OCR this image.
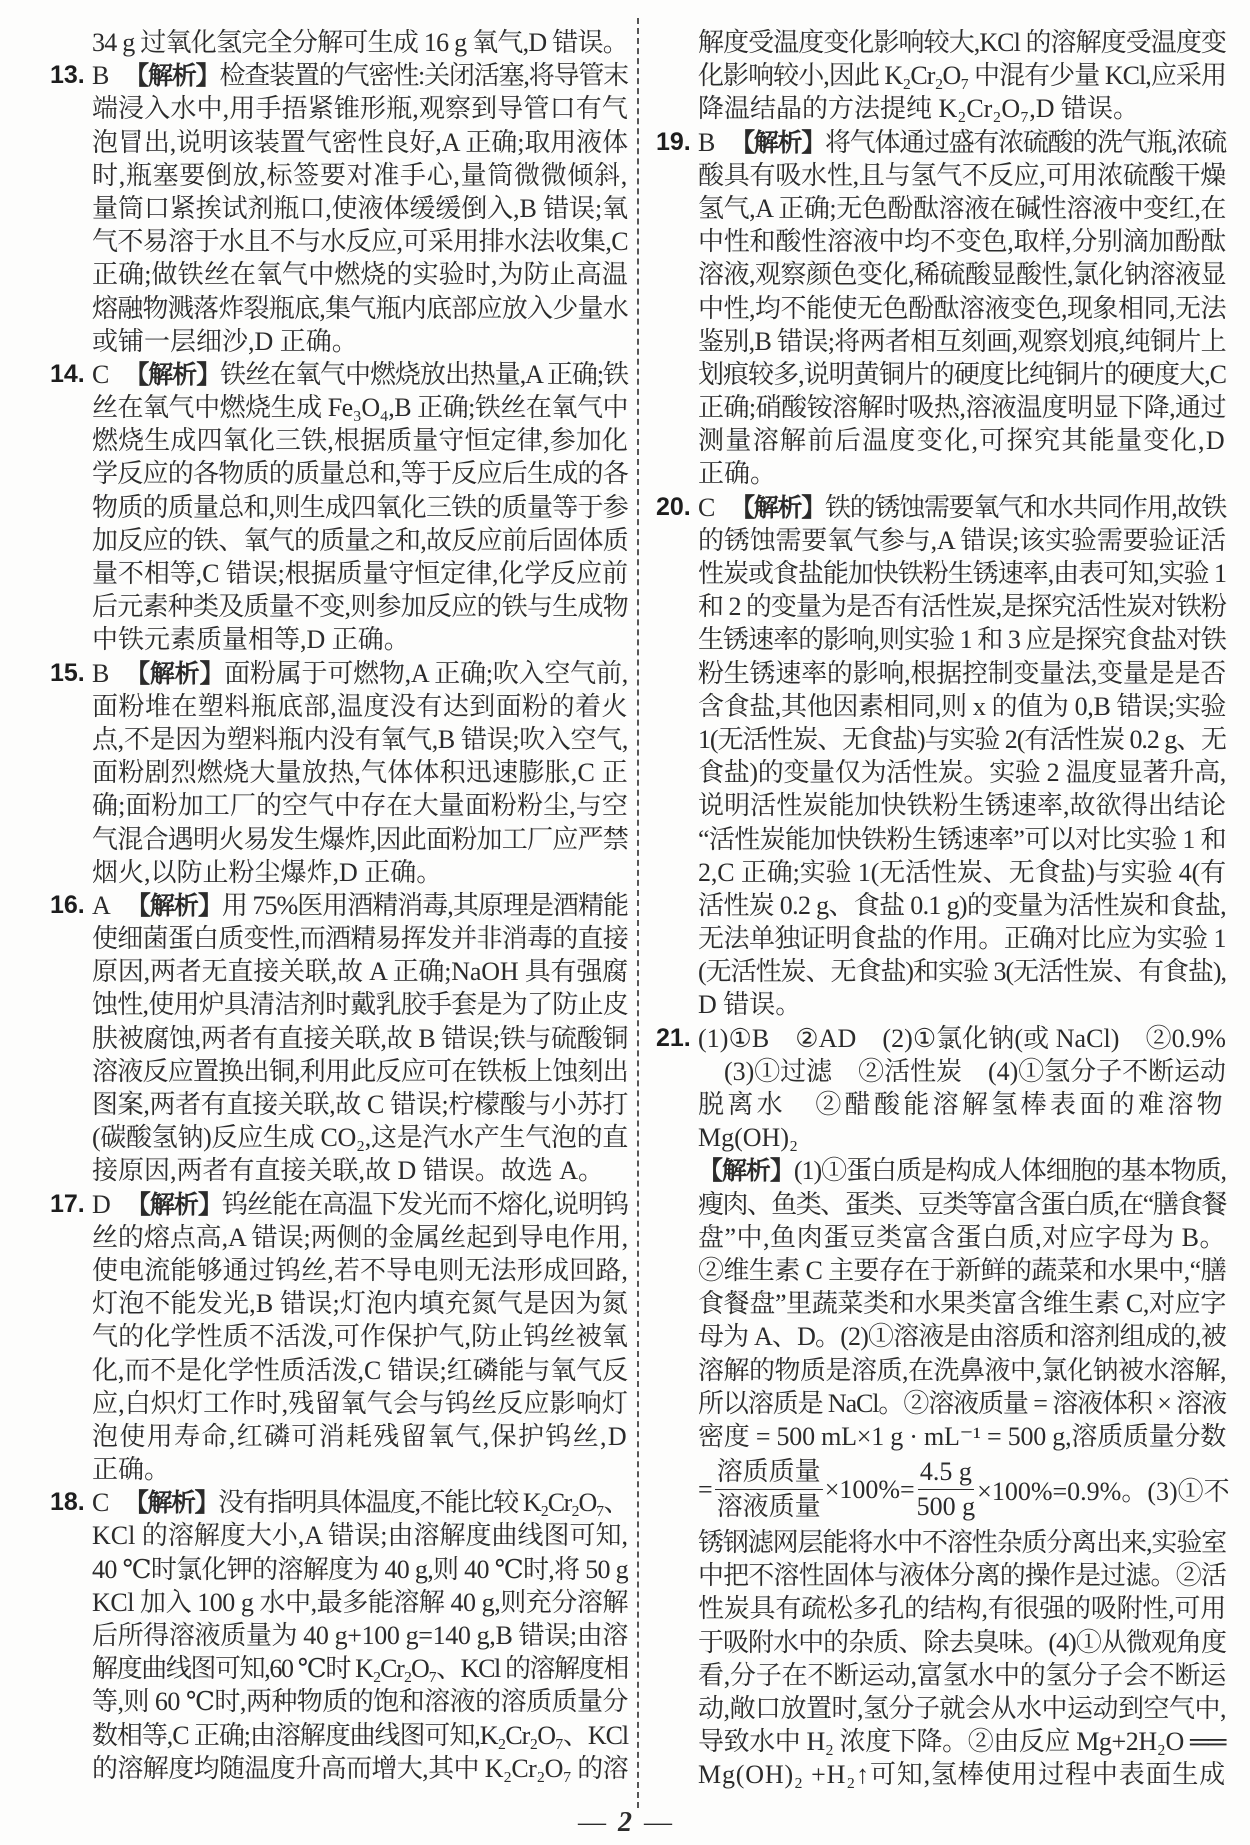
34 g 过氧化氢完全分解可生成 16 g 氧气,D 错误。
13. B 【解析】检查装置的气密性:关闭活塞,将导管末
端浸入水中,用手捂紧锥形瓶,观察到导管口有气
泡冒出,说明该装置气密性良好,A 正确;取用液体
时,瓶塞要倒放,标签要对准手心,量筒微微倾斜,
量筒口紧挨试剂瓶口,使液体缓缓倒入,B 错误;氧
气不易溶于水且不与水反应,可采用排水法收集,C
正确;做铁丝在氧气中燃烧的实验时,为防止高温
熔融物溅落炸裂瓶底,集气瓶内底部应放入少量水
或铺一层细沙,D 正确。
14. C 【解析】铁丝在氧气中燃烧放出热量,A 正确;铁
丝在氧气中燃烧生成 Fe₃O₄,B 正确;铁丝在氧气中
燃烧生成四氧化三铁,根据质量守恒定律,参加化
学反应的各物质的质量总和,等于反应后生成的各
物质的质量总和,则生成四氧化三铁的质量等于参
加反应的铁、氧气的质量之和,故反应前后固体质
量不相等,C 错误;根据质量守恒定律,化学反应前
后元素种类及质量不变,则参加反应的铁与生成物
中铁元素质量相等,D 正确。
15. B 【解析】面粉属于可燃物,A 正确;吹入空气前,
面粉堆在塑料瓶底部,温度没有达到面粉的着火
点,不是因为塑料瓶内没有氧气,B 错误;吹入空气,
面粉剧烈燃烧大量放热,气体体积迅速膨胀,C 正
确;面粉加工厂的空气中存在大量面粉粉尘,与空
气混合遇明火易发生爆炸,因此面粉加工厂应严禁
烟火,以防止粉尘爆炸,D 正确。
16. A 【解析】用 75%医用酒精消毒,其原理是酒精能
使细菌蛋白质变性,而酒精易挥发并非消毒的直接
原因,两者无直接关联,故 A 正确;NaOH 具有强腐
蚀性,使用炉具清洁剂时戴乳胶手套是为了防止皮
肤被腐蚀,两者有直接关联,故 B 错误;铁与硫酸铜
溶液反应置换出铜,利用此反应可在铁板上蚀刻出
图案,两者有直接关联,故 C 错误;柠檬酸与小苏打
(碳酸氢钠)反应生成 CO₂,这是汽水产生气泡的直
接原因,两者有直接关联,故 D 错误。故选 A。
17. D 【解析】钨丝能在高温下发光而不熔化,说明钨
丝的熔点高,A 错误;两侧的金属丝起到导电作用,
使电流能够通过钨丝,若不导电则无法形成回路,
灯泡不能发光,B 错误;灯泡内填充氮气是因为氮
气的化学性质不活泼,可作保护气,防止钨丝被氧
化,而不是化学性质活泼,C 错误;红磷能与氧气反
应,白炽灯工作时,残留氧气会与钨丝反应影响灯
泡使用寿命,红磷可消耗残留氧气,保护钨丝,D
正确。
18. C 【解析】没有指明具体温度,不能比较 K₂Cr₂O₇、
KCl 的溶解度大小,A 错误;由溶解度曲线图可知,
40 ℃时氯化钾的溶解度为 40 g,则 40 ℃时,将 50 g
KCl 加入 100 g 水中,最多能溶解 40 g,则充分溶解
后所得溶液质量为 40 g+100 g=140 g,B 错误;由溶
解度曲线图可知,60 ℃时 K₂Cr₂O₇、KCl 的溶解度相
等,则 60 ℃时,两种物质的饱和溶液的溶质质量分
数相等,C 正确;由溶解度曲线图可知,K₂Cr₂O₇、KCl
的溶解度均随温度升高而增大,其中 K₂Cr₂O₇ 的溶
解度受温度变化影响较大,KCl 的溶解度受温度变
化影响较小,因此 K₂Cr₂O₇ 中混有少量 KCl,应采用
降温结晶的方法提纯 K₂Cr₂O₇,D 错误。
19. B 【解析】将气体通过盛有浓硫酸的洗气瓶,浓硫
酸具有吸水性,且与氢气不反应,可用浓硫酸干燥
氢气,A 正确;无色酚酞溶液在碱性溶液中变红,在
中性和酸性溶液中均不变色,取样,分别滴加酚酞
溶液,观察颜色变化,稀硫酸显酸性,氯化钠溶液显
中性,均不能使无色酚酞溶液变色,现象相同,无法
鉴别,B 错误;将两者相互刻画,观察划痕,纯铜片上
划痕较多,说明黄铜片的硬度比纯铜片的硬度大,C
正确;硝酸铵溶解时吸热,溶液温度明显下降,通过
测量溶解前后温度变化,可探究其能量变化,D
正确。
20. C 【解析】铁的锈蚀需要氧气和水共同作用,故铁
的锈蚀需要氧气参与,A 错误;该实验需要验证活
性炭或食盐能加快铁粉生锈速率,由表可知,实验 1
和 2 的变量为是否有活性炭,是探究活性炭对铁粉
生锈速率的影响,则实验 1 和 3 应是探究食盐对铁
粉生锈速率的影响,根据控制变量法,变量是是否
含食盐,其他因素相同,则 x 的值为 0,B 错误;实验
1(无活性炭、无食盐)与实验 2(有活性炭 0.2 g、无
食盐)的变量仅为活性炭。实验 2 温度显著升高,
说明活性炭能加快铁粉生锈速率,故欲得出结论
“活性炭能加快铁粉生锈速率”可以对比实验 1 和
2,C 正确;实验 1(无活性炭、无食盐)与实验 4(有
活性炭 0.2 g、食盐 0.1 g)的变量为活性炭和食盐,
无法单独证明食盐的作用。正确对比应为实验 1
(无活性炭、无食盐)和实验 3(无活性炭、有食盐),
D 错误。
21. (1)①B　②AD　(2)①氯化钠(或 NaCl)　②0.9%
　(3)①过滤　②活性炭　(4)①氢分子不断运动
脱离水　②醋酸能溶解氢棒表面的难溶物
Mg(OH)₂
【解析】(1)①蛋白质是构成人体细胞的基本物质,
瘦肉、鱼类、蛋类、豆类等富含蛋白质,在“膳食餐
盘”中,鱼肉蛋豆类富含蛋白质,对应字母为 B。
②维生素 C 主要存在于新鲜的蔬菜和水果中,“膳
食餐盘”里蔬菜类和水果类富含维生素 C,对应字
母为 A、D。(2)①溶液是由溶质和溶剂组成的,被
溶解的物质是溶质,在洗鼻液中,氯化钠被水溶解,
所以溶质是 NaCl。②溶液质量 = 溶液体积 × 溶液
密度 = 500 mL×1 g · mL⁻¹ = 500 g,溶质质量分数
= $\frac{\text{溶质质量}}{\text{溶液质量}} \times 100\%= \frac{4.5 g}{500 g} \times 100\%=0.9\%$。(3)①不
锈钢滤网层能将水中不溶性杂质分离出来,实验室
中把不溶性固体与液体分离的操作是过滤。②活
性炭具有疏松多孔的结构,有很强的吸附性,可用
于吸附水中的杂质、除去臭味。(4)①从微观角度
看,分子在不断运动,富氢水中的氢分子会不断运
动,敞口放置时,氢分子就会从水中运动到空气中,
导致水中 H₂ 浓度下降。②由反应 Mg+2H₂O ══
Mg(OH)₂ +H₂↑可知,氢棒使用过程中表面生成
— 2 —
